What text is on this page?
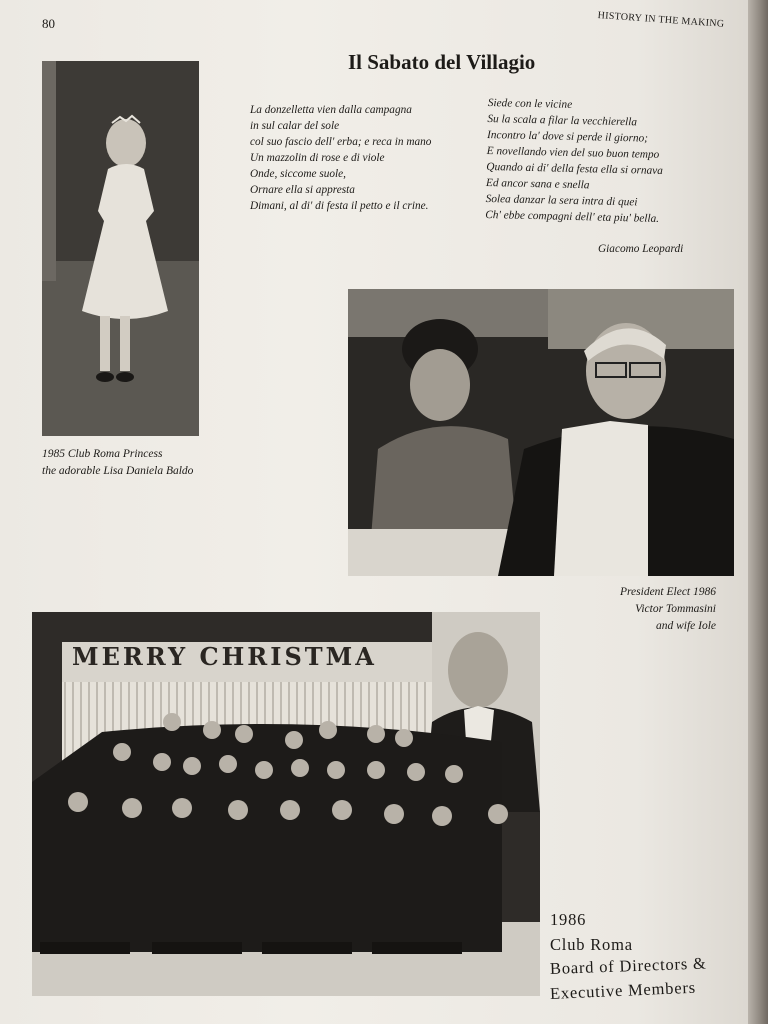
80	HISTORY IN THE MAKING
Il Sabato del Villagio
La donzelletta vien dalla campagna
in sul calar del sole
col suo fascio dell' erba; e reca in mano
Un mazzolin di rose e di viole
Onde, siccome suole,
Ornare ella si appresta
Dimani, al di' di festa il petto e il crine.
Siede con le vicine
Su la scala a filar la vecchierella
Incontro la' dove si perde il giorno;
E novellando vien del suo buon tempo
Quando ai di' della festa ella si ornava
Ed ancor sana e snella
Solea danzar la sera intra di quei
Ch' ebbe compagni dell' eta piu' bella.
Giacomo Leopardi
1985 Club Roma Princess
the adorable Lisa Daniela Baldo
President Elect 1986
Victor Tommasini
and wife Iole
MERRY CHRISTMA
1986
Club Roma
Board of Directors &
Executive Members
